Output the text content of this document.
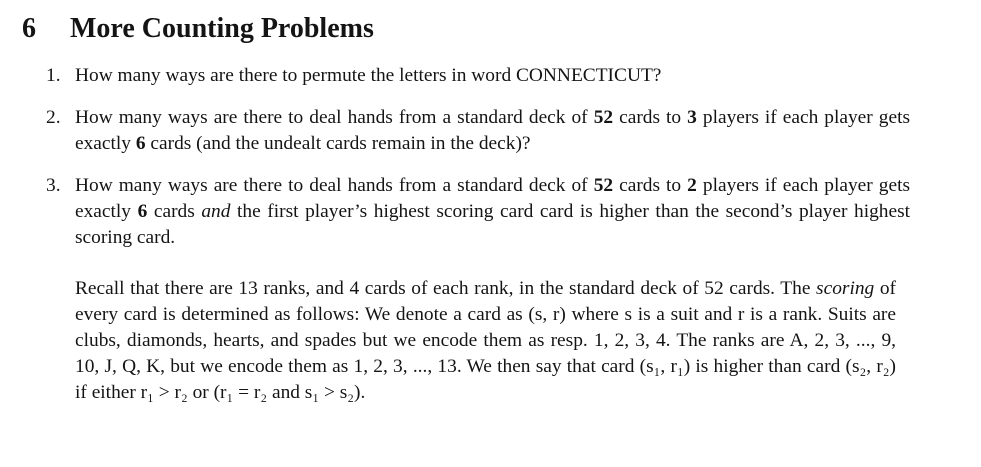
6 More Counting Problems
1. How many ways are there to permute the letters in word CONNECTICUT?
2. How many ways are there to deal hands from a standard deck of 52 cards to 3 players if each player gets exactly 6 cards (and the undealt cards remain in the deck)?
3. How many ways are there to deal hands from a standard deck of 52 cards to 2 players if each player gets exactly 6 cards and the first player’s highest scoring card card is higher than the second’s player highest scoring card.

Recall that there are 13 ranks, and 4 cards of each rank, in the standard deck of 52 cards. The scoring of every card is determined as follows: We denote a card as (s, r) where s is a suit and r is a rank. Suits are clubs, diamonds, hearts, and spades but we encode them as resp. 1, 2, 3, 4. The ranks are A, 2, 3, ..., 9, 10, J, Q, K, but we encode them as 1, 2, 3, ..., 13. We then say that card (s₁, r₁) is higher than card (s₂, r₂) if either r₁ > r₂ or (r₁ = r₂ and s₁ > s₂).
